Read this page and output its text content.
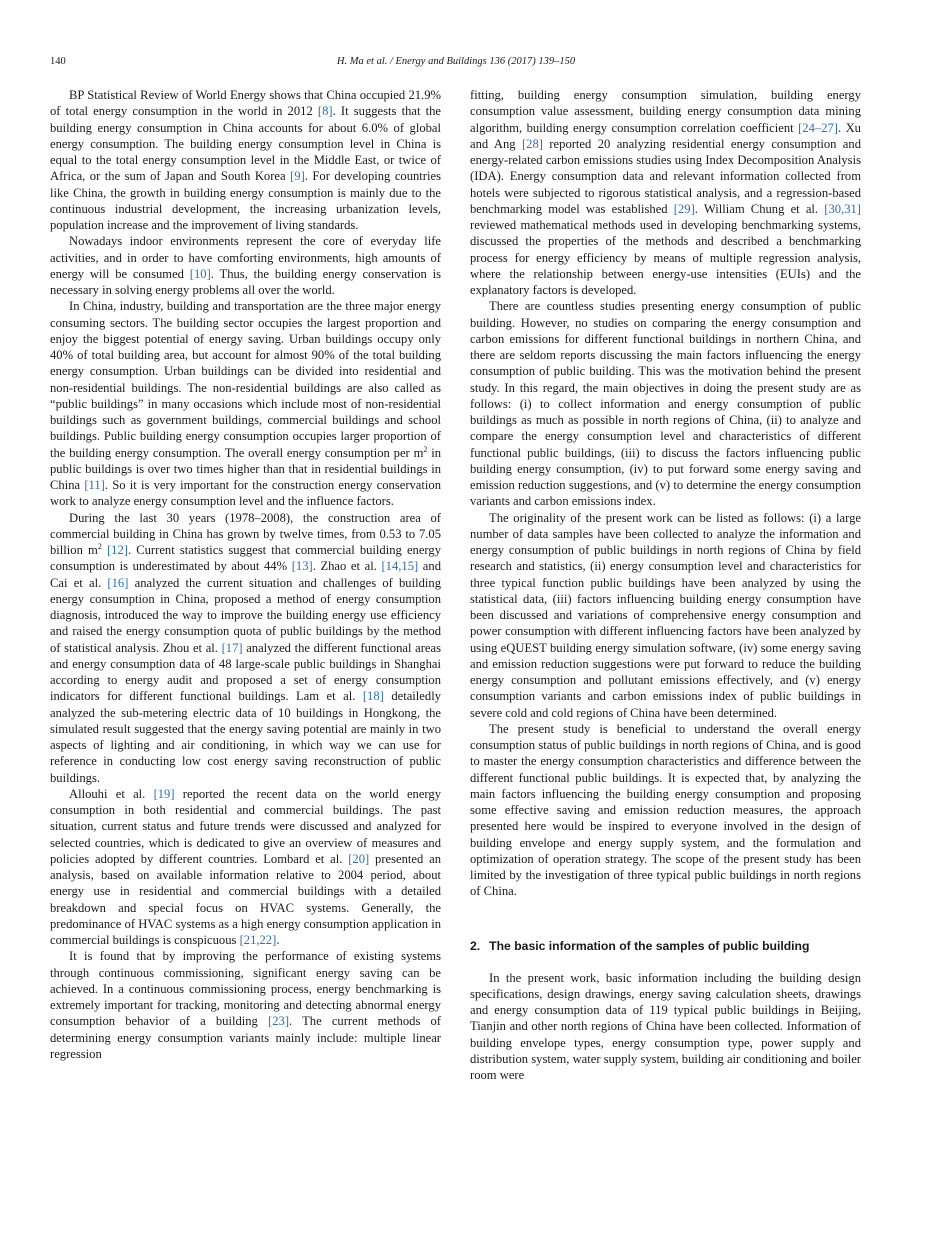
140	H. Ma et al. / Energy and Buildings 136 (2017) 139–150

BP Statistical Review of World Energy shows that China occupied 21.9% of total energy consumption in the world in 2012 [8]. It suggests that the building energy consumption in China accounts for about 6.0% of global energy consumption. The building energy consumption level in China is equal to the total energy consumption level in the Middle East, or twice of Africa, or the sum of Japan and South Korea [9]. For developing countries like China, the growth in building energy consumption is mainly due to the continuous industrial development, the increasing urbanization levels, population increase and the improvement of living standards.

Nowadays indoor environments represent the core of everyday life activities, and in order to have comforting environments, high amounts of energy will be consumed [10]. Thus, the building energy conservation is necessary in solving energy problems all over the world.

In China, industry, building and transportation are the three major energy consuming sectors. The building sector occupies the largest proportion and enjoy the biggest potential of energy saving. Urban buildings occupy only 40% of total building area, but account for almost 90% of the total building energy consumption. Urban buildings can be divided into residential and non-residential buildings. The non-residential buildings are also called as “public buildings” in many occasions which include most of non-residential buildings such as government buildings, commercial buildings and school buildings. Public building energy consumption occupies larger proportion of the building energy consumption. The overall energy consumption per $m^2$ in public buildings is over two times higher than that in residential buildings in China [11]. So it is very important for the construction energy conservation work to analyze energy consumption level and the influence factors.

During the last 30 years (1978–2008), the construction area of commercial building in China has grown by twelve times, from 0.53 to 7.05 billion $m^2$ [12]. Current statistics suggest that commercial building energy consumption is underestimated by about 44% [13]. Zhao et al. [14,15] and Cai et al. [16] analyzed the current situation and challenges of building energy consumption in China, proposed a method of energy consumption diagnosis, introduced the way to improve the building energy use efficiency and raised the energy consumption quota of public buildings by the method of statistical analysis. Zhou et al. [17] analyzed the different functional areas and energy consumption data of 48 large-scale public buildings in Shanghai according to energy audit and proposed a set of energy consumption indicators for different functional buildings. Lam et al. [18] detailedly analyzed the sub-metering electric data of 10 buildings in Hongkong, the simulated result suggested that the energy saving potential are mainly in two aspects of lighting and air conditioning, in which way we can use for reference in conducting low cost energy saving reconstruction of public buildings.

Allouhi et al. [19] reported the recent data on the world energy consumption in both residential and commercial buildings. The past situation, current status and future trends were discussed and analyzed for selected countries, which is dedicated to give an overview of measures and policies adopted by different countries. Lombard et al. [20] presented an analysis, based on available information relative to 2004 period, about energy use in residential and commercial buildings with a detailed breakdown and special focus on HVAC systems. Generally, the predominance of HVAC systems as a high energy consumption application in commercial buildings is conspicuous [21,22].

It is found that by improving the performance of existing systems through continuous commissioning, significant energy saving can be achieved. In a continuous commissioning process, energy benchmarking is extremely important for tracking, monitoring and detecting abnormal energy consumption behavior of a building [23]. The current methods of determining energy consumption variants mainly include: multiple linear regression

fitting, building energy consumption simulation, building energy consumption value assessment, building energy consumption data mining algorithm, building energy consumption correlation coefficient [24–27]. Xu and Ang [28] reported 20 analyzing residential energy consumption and energy-related carbon emissions studies using Index Decomposition Analysis (IDA). Energy consumption data and relevant information collected from hotels were subjected to rigorous statistical analysis, and a regression-based benchmarking model was established [29]. William Chung et al. [30,31] reviewed mathematical methods used in developing benchmarking systems, discussed the properties of the methods and described a benchmarking process for energy efficiency by means of multiple regression analysis, where the relationship between energy-use intensities (EUIs) and the explanatory factors is developed.

There are countless studies presenting energy consumption of public building. However, no studies on comparing the energy consumption and carbon emissions for different functional buildings in northern China, and there are seldom reports discussing the main factors influencing the energy consumption of public building. This was the motivation behind the present study. In this regard, the main objectives in doing the present study are as follows: (i) to collect information and energy consumption of public buildings as much as possible in north regions of China, (ii) to analyze and compare the energy consumption level and characteristics of different functional public buildings, (iii) to discuss the factors influencing public building energy consumption, (iv) to put forward some energy saving and emission reduction suggestions, and (v) to determine the energy consumption variants and carbon emissions index.

The originality of the present work can be listed as follows: (i) a large number of data samples have been collected to analyze the information and energy consumption of public buildings in north regions of China by field research and statistics, (ii) energy consumption level and characteristics for three typical function public buildings have been analyzed by using the statistical data, (iii) factors influencing building energy consumption have been discussed and variations of comprehensive energy consumption and power consumption with different influencing factors have been analyzed by using eQUEST building energy simulation software, (iv) some energy saving and emission reduction suggestions were put forward to reduce the building energy consumption and pollutant emissions effectively, and (v) energy consumption variants and carbon emissions index of public buildings in severe cold and cold regions of China have been determined.

The present study is beneficial to understand the overall energy consumption status of public buildings in north regions of China, and is good to master the energy consumption characteristics and difference between the different functional public buildings. It is expected that, by analyzing the main factors influencing the building energy consumption and proposing some effective saving and emission reduction measures, the approach presented here would be inspired to everyone involved in the design of building envelope and energy supply system, and the formulation and optimization of operation strategy. The scope of the present study has been limited by the investigation of three typical public buildings in north regions of China.

2. The basic information of the samples of public building

In the present work, basic information including the building design specifications, design drawings, energy saving calculation sheets, drawings and energy consumption data of 119 typical public buildings in Beijing, Tianjin and other north regions of China have been collected. Information of building envelope types, energy consumption type, power supply and distribution system, water supply system, building air conditioning and boiler room were
